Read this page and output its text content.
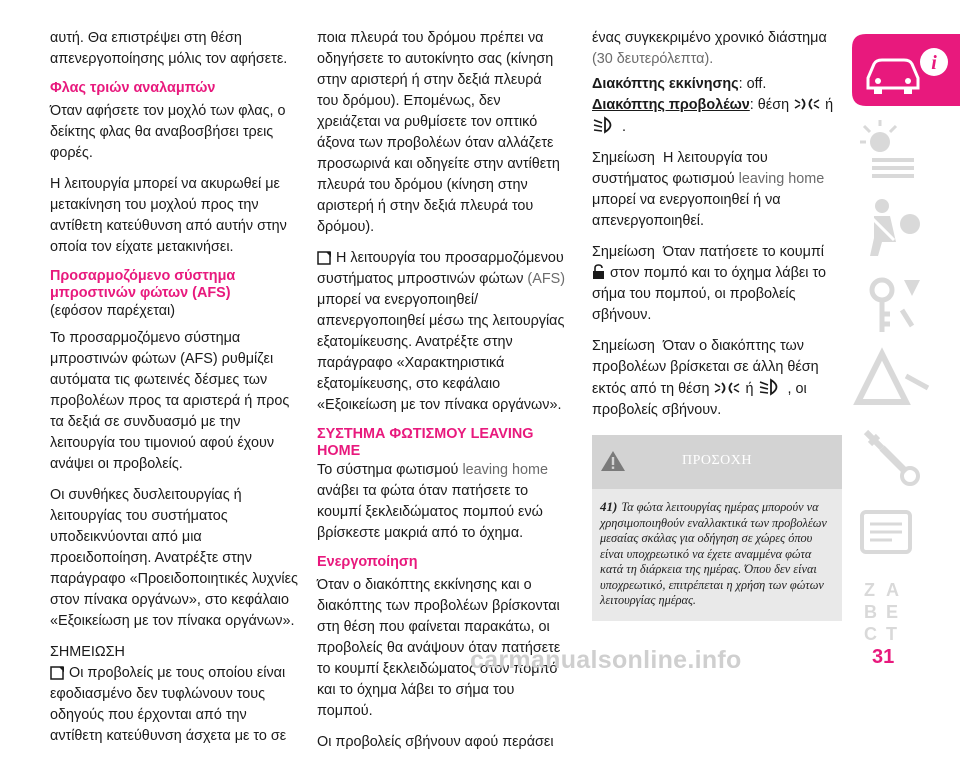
αυτή. Θα επιστρέψει στη θέση απενεργοποίησης μόλις τον αφήσετε.

Φλας τριών αναλαμπών

Όταν αφήσετε τον μοχλό των φλας, ο δείκτης φλας θα αναβοσβήσει τρεις φορές.

Η λειτουργία μπορεί να ακυρωθεί με μετακίνηση του μοχλού προς την αντίθετη κατεύθυνση από αυτήν στην οποία τον είχατε μετακινήσει.

Προσαρμοζόμενο σύστημα μπροστινών φώτων (AFS)
(εφόσον παρέχεται)

Το προσαρμοζόμενο σύστημα μπροστινών φώτων (AFS) ρυθμίζει αυτόματα τις φωτεινές δέσμες των προβολέων προς τα αριστερά ή προς τα δεξιά σε συνδυασμό με την λειτουργία του τιμονιού αφού έχουν ανάψει οι προβολείς.

Οι συνθήκες δυσλειτουργίας ή λειτουργίας του συστήματος υποδεικνύονται από μια προειδοποίηση. Ανατρέξτε στην παράγραφο «Προειδοποιητικές λυχνίες στον πίνακα οργάνων», στο κεφάλαιο «Εξοικείωση με τον πίνακα οργάνων».

ΣΗΜΕΙΩΣΗ

Οι προβολείς με τους οποίου είναι εφοδιασμένο δεν τυφλώνουν τους οδηγούς που έρχονται από την αντίθετη κατεύθυνση άσχετα με το σε

ποια πλευρά του δρόμου πρέπει να οδηγήσετε το αυτοκίνητο σας (κίνηση στην αριστερή ή στην δεξιά πλευρά του δρόμου). Επομένως, δεν χρειάζεται να ρυθμίσετε τον οπτικό άξονα των προβολέων όταν αλλάζετε προσωρινά και οδηγείτε στην αντίθετη πλευρά του δρόμου (κίνηση στην αριστερή ή στην δεξιά πλευρά του δρόμου).

Η λειτουργία του προσαρμοζόμενου συστήματος μπροστινών φώτων (AFS) μπορεί να ενεργοποιηθεί/απενεργοποιηθεί μέσω της λειτουργίας εξατομίκευσης. Ανατρέξτε στην παράγραφο «Χαρακτηριστικά εξατομίκευσης, στο κεφάλαιο «Εξοικείωση με τον πίνακα οργάνων».

ΣΥΣΤΗΜΑ ΦΩΤΙΣΜΟΥ LEAVING HOME

Το σύστημα φωτισμού leaving home ανάβει τα φώτα όταν πατήσετε το κουμπί ξεκλειδώματος πομπού ενώ βρίσκεστε μακριά από το όχημα.

Ενεργοποίηση

Όταν ο διακόπτης εκκίνησης και ο διακόπτης των προβολέων βρίσκονται στη θέση που φαίνεται παρακάτω, οι προβολείς θα ανάψουν όταν πατήσετε το κουμπί ξεκλειδώματος στον πομπό και το όχημα λάβει το σήμα του πομπού.

Οι προβολείς σβήνουν αφού περάσει

ένας συγκεκριμένο χρονικό διάστημα

(30 δευτερόλεπτα).

Διακόπτης εκκίνησης: off.

Διακόπτης προβολέων: θέση	ή
.

Σημείωση Η λειτουργία του συστήματος φωτισμού leaving home μπορεί να ενεργοποιηθεί ή να απενεργοποιηθεί.

Σημείωση Όταν πατήσετε το κουμπί
στον πομπό και το όχημα λάβει το σήμα του πομπού, οι προβολείς σβήνουν.

Σημείωση Όταν ο διακόπτης των προβολέων βρίσκεται σε άλλη θέση εκτός από τη θέση	ή , οι προβολείς σβήνουν.

ΠΡΟΣΟΧΗ
41) Τα φώτα λειτουργίας ημέρας μπορούν να χρησιμοποιηθούν εναλλακτικά των προβολέων μεσαίας σκάλας για οδήγηση σε χώρες όπου είναι υποχρεωτικό να έχετε αναμμένα φώτα κατά τη διάρκεια της ημέρας. Όπου δεν είναι υποχρεωτικό, επιτρέπεται η χρήση των φώτων λειτουργίας ημέρας.
i
Z A
B E
C T
31
carmanualsonline.info
